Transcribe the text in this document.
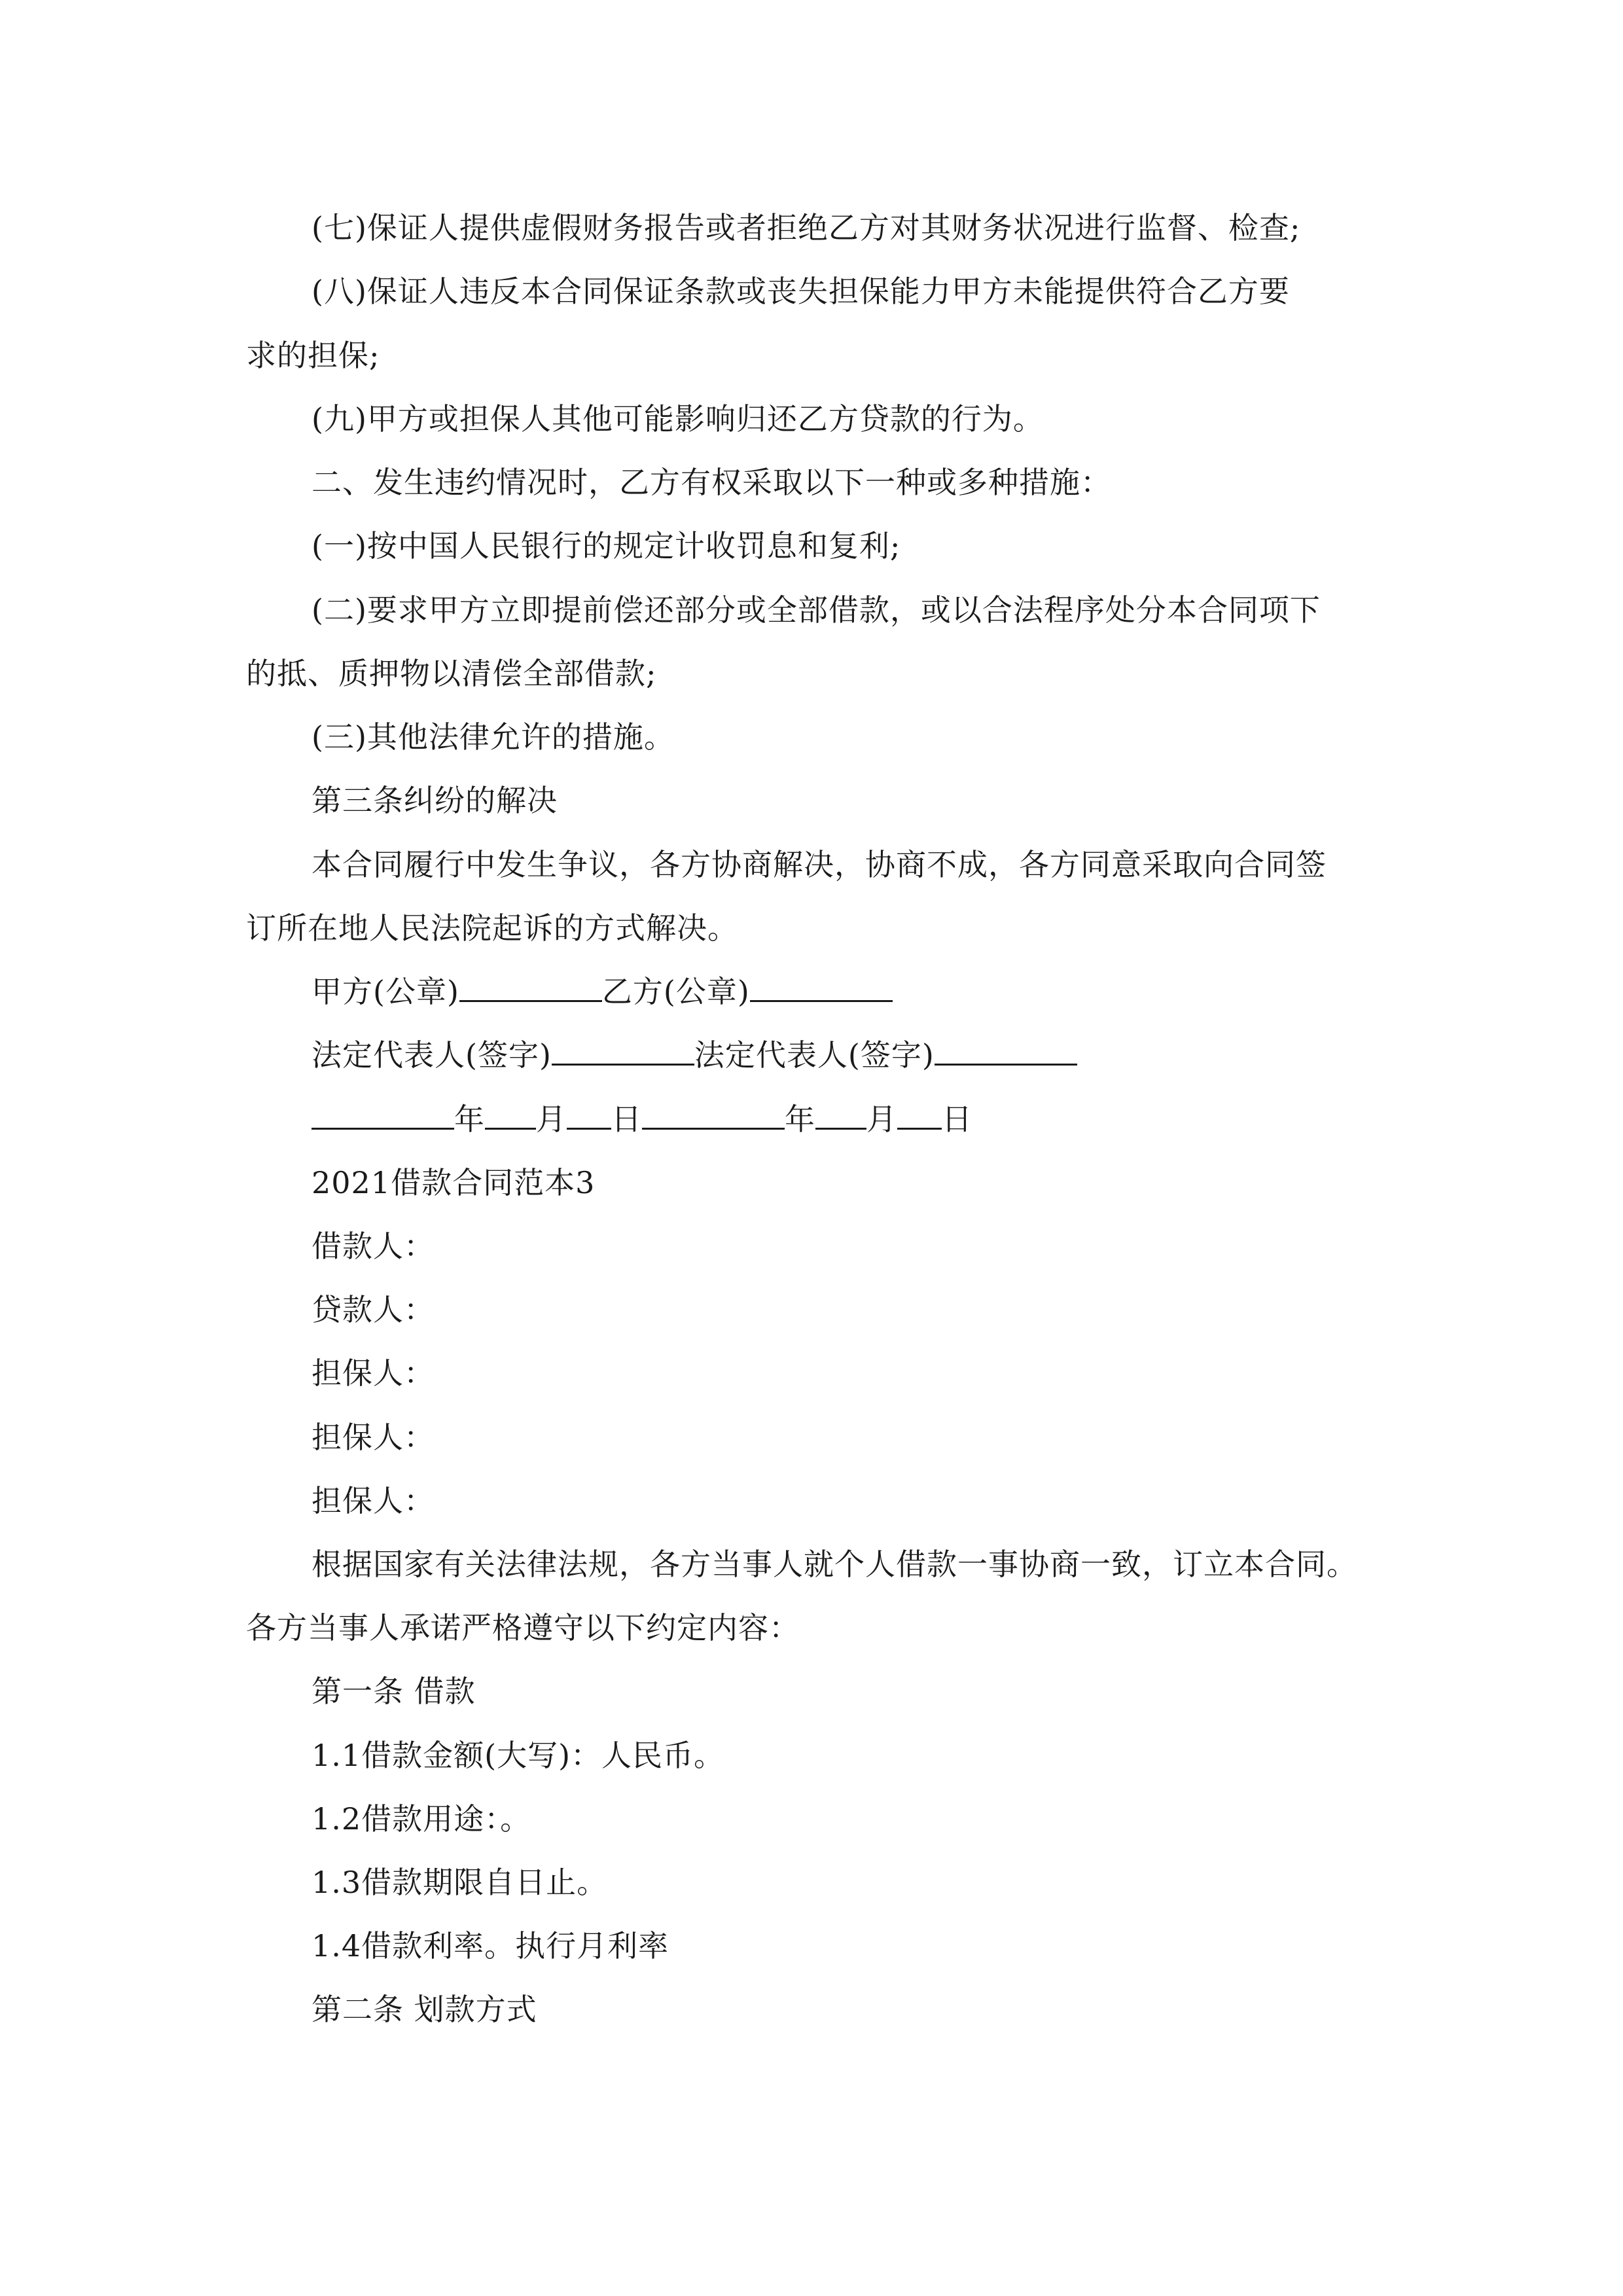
(七)保证人提供虚假财务报告或者拒绝乙方对其财务状况进行监督、检查;
(八)保证人违反本合同保证条款或丧失担保能力甲方未能提供符合乙方要
求的担保;
(九)甲方或担保人其他可能影响归还乙方贷款的行为。
二、发生违约情况时，乙方有权采取以下一种或多种措施：
(一)按中国人民银行的规定计收罚息和复利;
(二)要求甲方立即提前偿还部分或全部借款，或以合法程序处分本合同项下
的抵、质押物以清偿全部借款;
(三)其他法律允许的措施。
第三条纠纷的解决
本合同履行中发生争议，各方协商解决，协商不成，各方同意采取向合同签
订所在地人民法院起诉的方式解决。
甲方(公章)	乙方(公章)
法定代表人(签字)	法定代表人(签字)
年 月 日	年 月 日
2021借款合同范本3
借款人：
贷款人：
担保人：
担保人：
担保人：
根据国家有关法律法规，各方当事人就个人借款一事协商一致，订立本合同。
各方当事人承诺严格遵守以下约定内容：
第一条 借款
1.1借款金额(大写)：人民币。
1.2借款用途：。
1.3借款期限自日止。
1.4借款利率。执行月利率
第二条 划款方式
